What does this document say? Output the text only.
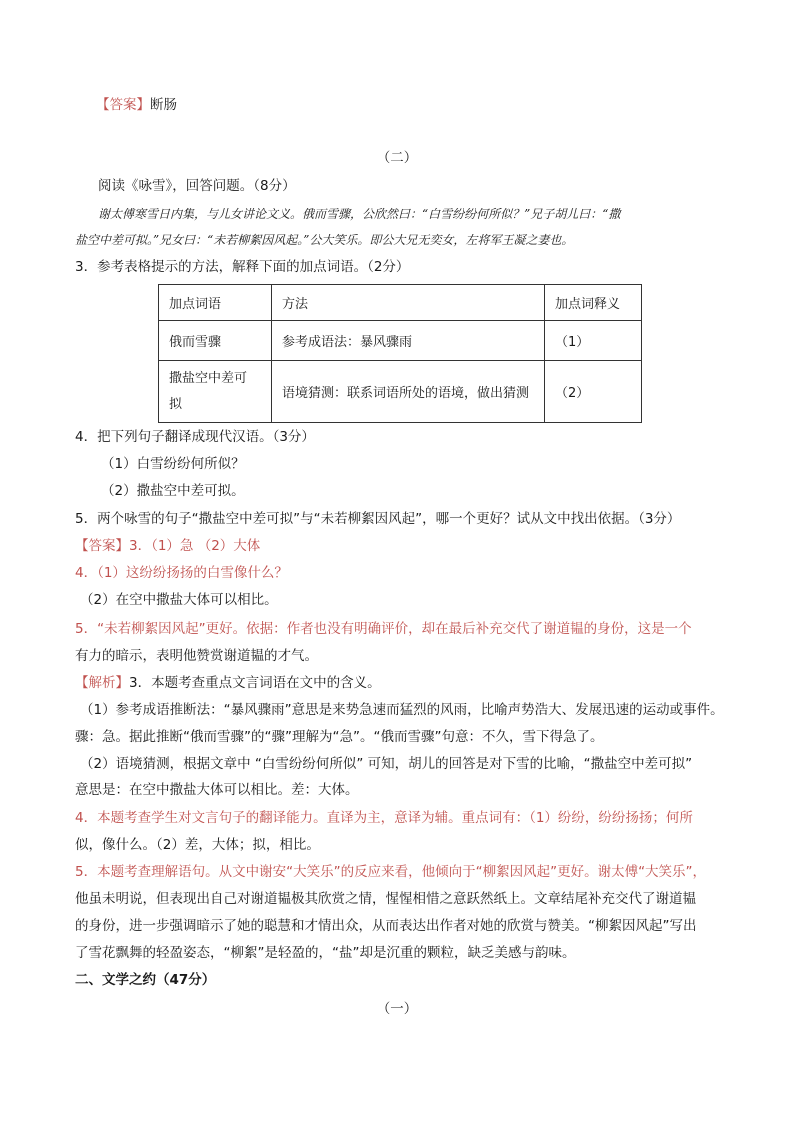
【答案】断肠
（二）
阅读《咏雪》，回答问题。（8分）
谢太傅寒雪日内集，与儿女讲论文义。俄而雪骤，公欣然曰：“白雪纷纷何所似？”兄子胡儿曰：“撒
盐空中差可拟。”兄女曰：“未若柳絮因风起。”公大笑乐。即公大兄无奕女，左将军王凝之妻也。
3．参考表格提示的方法，解释下面的加点词语。（2分）
加点词语	方法	加点词释义
俄而雪骤	参考成语法：暴风骤雨	（1）
撒盐空中差可
拟	语境猜测：联系词语所处的语境，做出猜测	（2）
4．把下列句子翻译成现代汉语。（3分）
（1）白雪纷纷何所似？
（2）撒盐空中差可拟。
5．两个咏雪的句子“撒盐空中差可拟”与“未若柳絮因风起”，哪一个更好？试从文中找出依据。（3分）
【答案】3．（1）急 （2）大体
4．（1）这纷纷扬扬的白雪像什么？
（2）在空中撒盐大体可以相比。
5．“未若柳絮因风起”更好。依据：作者也没有明确评价，却在最后补充交代了谢道韫的身份，这是一个
有力的暗示，表明他赞赏谢道韫的才气。
【解析】3．本题考查重点文言词语在文中的含义。
（1）参考成语推断法：“暴风骤雨”意思是来势急速而猛烈的风雨，比喻声势浩大、发展迅速的运动或事件。
骤：急。据此推断“俄而雪骤”的“骤”理解为“急”。“俄而雪骤”句意：不久，雪下得急了。
（2）语境猜测，根据文章中 “白雪纷纷何所似” 可知，胡儿的回答是对下雪的比喻，“撒盐空中差可拟”
意思是：在空中撒盐大体可以相比。差：大体。
4．本题考查学生对文言句子的翻译能力。直译为主，意译为辅。重点词有：（1）纷纷，纷纷扬扬；何所
似，像什么。（2）差，大体；拟，相比。
5．本题考查理解语句。从文中谢安“大笑乐”的反应来看，他倾向于“柳絮因风起”更好。谢太傅“大笑乐”，
他虽未明说，但表现出自己对谢道韫极其欣赏之情，惺惺相惜之意跃然纸上。文章结尾补充交代了谢道韫
的身份，进一步强调暗示了她的聪慧和才情出众，从而表达出作者对她的欣赏与赞美。“柳絮因风起”写出
了雪花飘舞的轻盈姿态，“柳絮”是轻盈的，“盐”却是沉重的颗粒，缺乏美感与韵味。
二、文学之约（47分）
（一）
